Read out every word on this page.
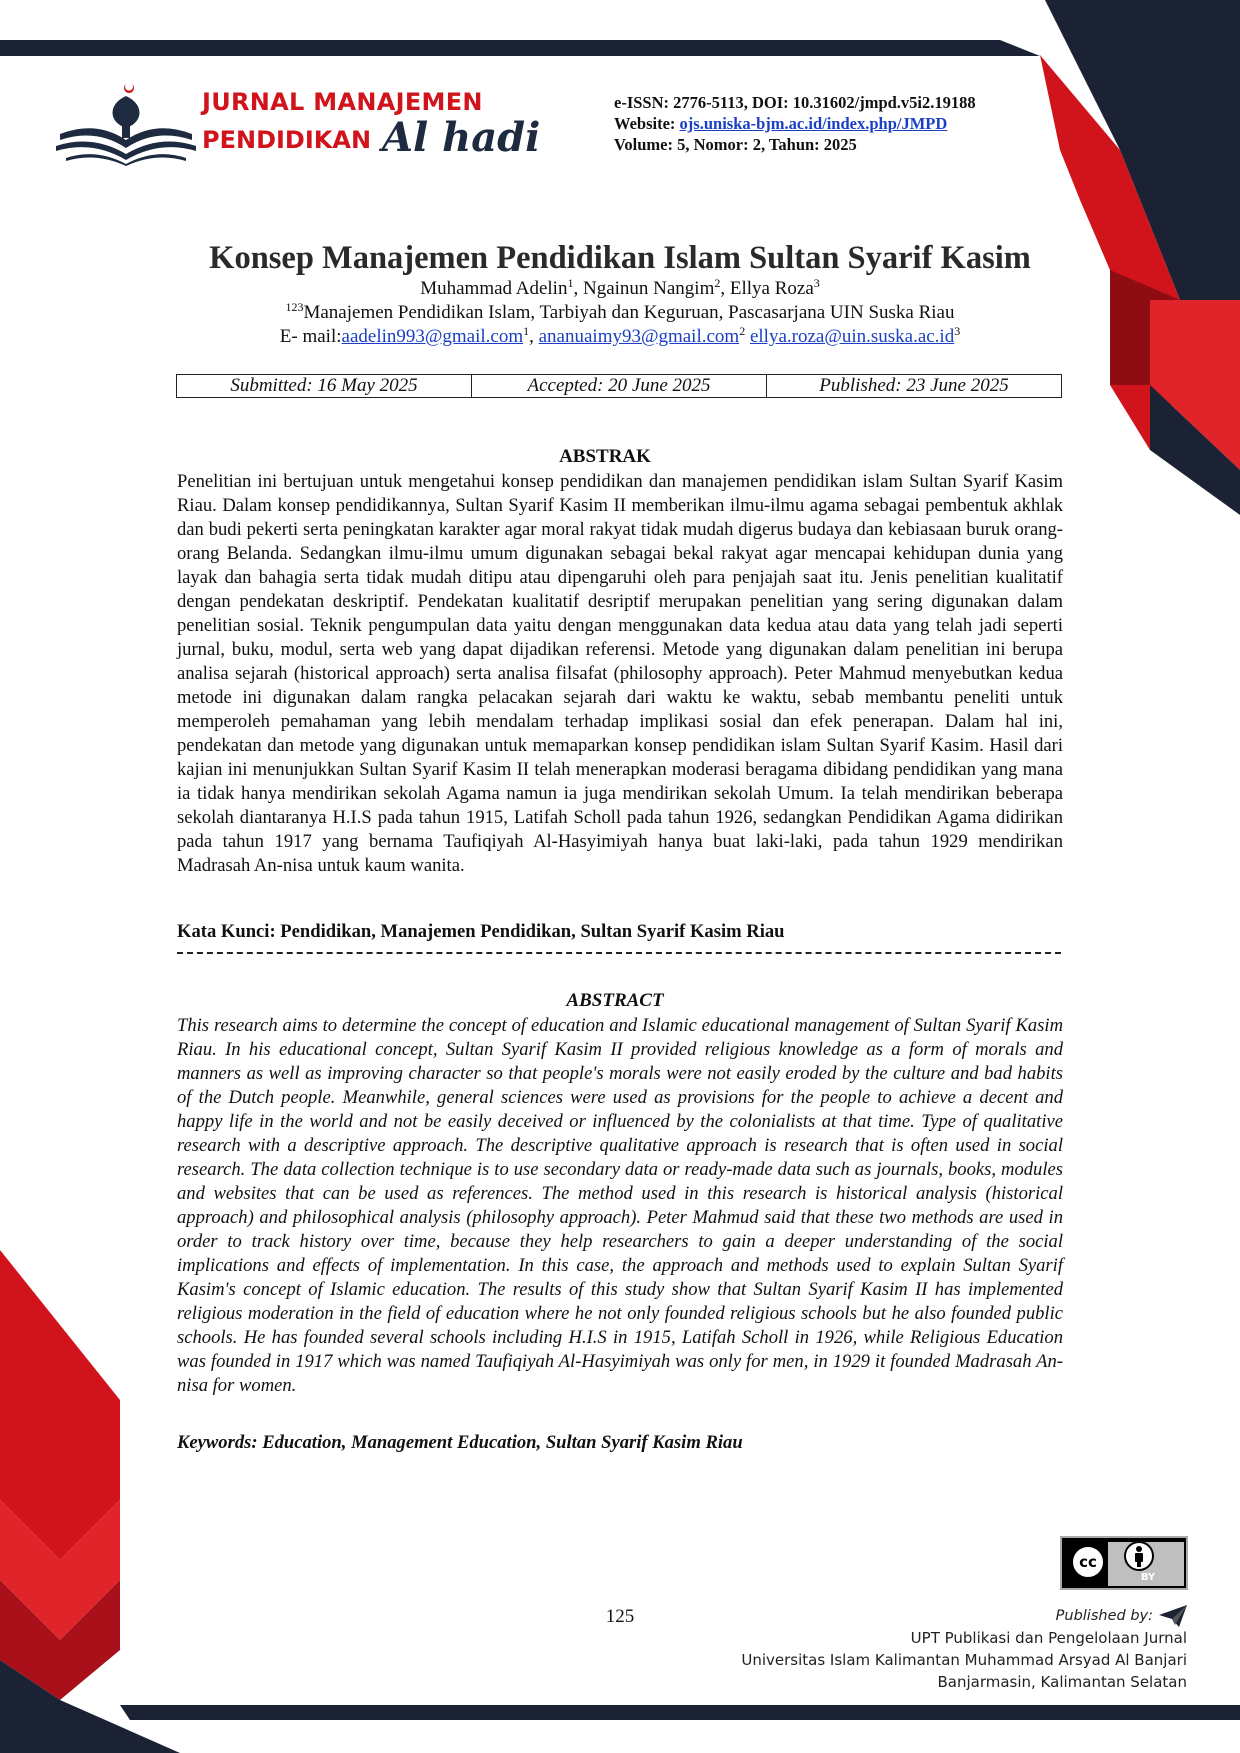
JURNAL MANAJEMEN
PENDIDIKAN Al hadi
e-ISSN: 2776-5113, DOI: 10.31602/jmpd.v5i2.19188
Website: ojs.uniska-bjm.ac.id/index.php/JMPD
Volume: 5, Nomor: 2, Tahun: 2025
Konsep Manajemen Pendidikan Islam Sultan Syarif Kasim
Muhammad Adelin$^1$, Ngainun Nangim$^2$, Ellya Roza$^3$
$^{123}$Manajemen Pendidikan Islam, Tarbiyah dan Keguruan, Pascasarjana UIN Suska Riau
E- mail:aadelin993@gmail.com$^1$, ananuaimy93@gmail.com$^2$ $ellya.roza@uin.suska.ac.id^3$
Submitted: 16 May 2025	Accepted: 20 June 2025	Published: 23 June 2025
ABSTRAK

Penelitian ini bertujuan untuk mengetahui konsep pendidikan dan manajemen pendidikan islam Sultan Syarif Kasim Riau. Dalam konsep pendidikannya, Sultan Syarif Kasim II memberikan ilmu-ilmu agama sebagai pembentuk akhlak dan budi pekerti serta peningkatan karakter agar moral rakyat tidak mudah digerus budaya dan kebiasaan buruk orang-orang Belanda. Sedangkan ilmu-ilmu umum digunakan sebagai bekal rakyat agar mencapai kehidupan dunia yang layak dan bahagia serta tidak mudah ditipu atau dipengaruhi oleh para penjajah saat itu. Jenis penelitian kualitatif dengan pendekatan deskriptif. Pendekatan kualitatif desriptif merupakan penelitian yang sering digunakan dalam penelitian sosial. Teknik pengumpulan data yaitu dengan menggunakan data kedua atau data yang telah jadi seperti jurnal, buku, modul, serta web yang dapat dijadikan referensi. Metode yang digunakan dalam penelitian ini berupa analisa sejarah (historical approach) serta analisa filsafat (philosophy approach). Peter Mahmud menyebutkan kedua metode ini digunakan dalam rangka pelacakan sejarah dari waktu ke waktu, sebab membantu peneliti untuk memperoleh pemahaman yang lebih mendalam terhadap implikasi sosial dan efek penerapan. Dalam hal ini, pendekatan dan metode yang digunakan untuk memaparkan konsep pendidikan islam Sultan Syarif Kasim. Hasil dari kajian ini menunjukkan Sultan Syarif Kasim II telah menerapkan moderasi beragama dibidang pendidikan yang mana ia tidak hanya mendirikan sekolah Agama namun ia juga mendirikan sekolah Umum. Ia telah mendirikan beberapa sekolah diantaranya H.I.S pada tahun 1915, Latifah Scholl pada tahun 1926, sedangkan Pendidikan Agama didirikan pada tahun 1917 yang bernama Taufiqiyah Al-Hasyimiyah hanya buat laki-laki, pada tahun 1929 mendirikan Madrasah An-nisa untuk kaum wanita.

Kata Kunci: Pendidikan, Manajemen Pendidikan, Sultan Syarif Kasim Riau
ABSTRACT

This research aims to determine the concept of education and Islamic educational management of Sultan Syarif Kasim Riau. In his educational concept, Sultan Syarif Kasim II provided religious knowledge as a form of morals and manners as well as improving character so that people's morals were not easily eroded by the culture and bad habits of the Dutch people. Meanwhile, general sciences were used as provisions for the people to achieve a decent and happy life in the world and not be easily deceived or influenced by the colonialists at that time. Type of qualitative research with a descriptive approach. The descriptive qualitative approach is research that is often used in social research. The data collection technique is to use secondary data or ready-made data such as journals, books, modules and websites that can be used as references. The method used in this research is historical analysis (historical approach) and philosophical analysis (philosophy approach). Peter Mahmud said that these two methods are used in order to track history over time, because they help researchers to gain a deeper understanding of the social implications and effects of implementation. In this case, the approach and methods used to explain Sultan Syarif Kasim's concept of Islamic education. The results of this study show that Sultan Syarif Kasim II has implemented religious moderation in the field of education where he not only founded religious schools but he also founded public schools. He has founded several schools including H.I.S in 1915, Latifah Scholl in 1926, while Religious Education was founded in 1917 which was named Taufiqiyah Al-Hasyimiyah was only for men, in 1929 it founded Madrasah An-nisa for women.

Keywords: Education, Management Education, Sultan Syarif Kasim Riau
cc
BY
125	Published by:
UPT Publikasi dan Pengelolaan Jurnal
Universitas Islam Kalimantan Muhammad Arsyad Al Banjari
Banjarmasin, Kalimantan Selatan
